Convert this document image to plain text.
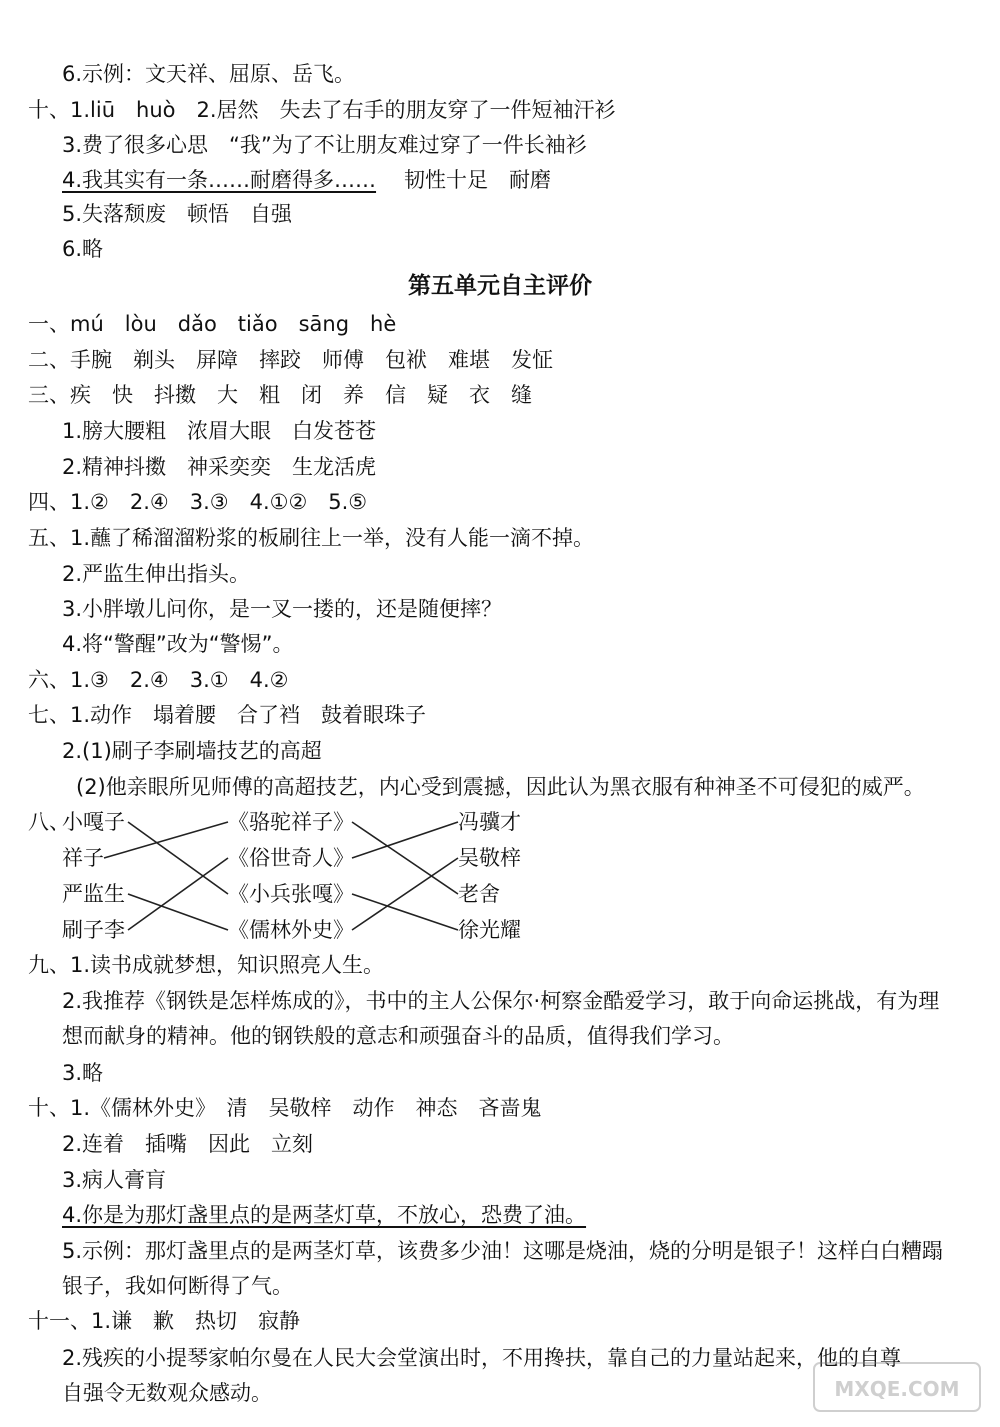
6.示例：文天祥、屈原、岳飞。
十、1.liū　huò　2.居然　失去了右手的朋友穿了一件短袖汗衫
3.费了很多心思　“我”为了不让朋友难过穿了一件长袖衫
4.我其实有一条……耐磨得多…… 韧性十足　耐磨
5.失落颓废　顿悟　自强
6.略
第五单元自主评价
一、mú　lòu　dǎo　tiǎo　sāng　hè
二、手腕　剃头　屏障　摔跤　师傅　包袱　难堪　发怔
三、疾　快　抖擞　大　粗　闭　养　信　疑　衣　缝
1.膀大腰粗　浓眉大眼　白发苍苍
2.精神抖擞　神采奕奕　生龙活虎
四、1.②　2.④　3.③　4.①②　5.⑤
五、1.蘸了稀溜溜粉浆的板刷往上一举，没有人能一滴不掉。
2.严监生伸出指头。
3.小胖墩儿问你，是一叉一搂的，还是随便摔？
4.将“警醒”改为“警惕”。
六、1.③　2.④　3.①　4.②
七、1.动作　塌着腰　合了裆　鼓着眼珠子
2.(1)刷子李刷墙技艺的高超
(2)他亲眼所见师傅的高超技艺，内心受到震撼，因此认为黑衣服有种神圣不可侵犯的威严。
八、
小嘎子
祥子
严监生
刷子李
《骆驼祥子》
《俗世奇人》
《小兵张嘎》
《儒林外史》
冯骥才
吴敬梓
老舍
徐光耀
九、1.读书成就梦想，知识照亮人生。
2.我推荐《钢铁是怎样炼成的》，书中的主人公保尔·柯察金酷爱学习，敢于向命运挑战，有为理
想而献身的精神。他的钢铁般的意志和顽强奋斗的品质，值得我们学习。
3.略
十、1.《儒林外史》　清　吴敬梓　动作　神态　吝啬鬼
2.连着　插嘴　因此　立刻
3.病人膏肓
4.你是为那灯盏里点的是两茎灯草，不放心，恐费了油。
5.示例：那灯盏里点的是两茎灯草，该费多少油！这哪是烧油，烧的分明是银子！这样白白糟蹋
银子，我如何断得了气。
十一、1.谦　歉　热切　寂静
2.残疾的小提琴家帕尔曼在人民大会堂演出时，不用搀扶，靠自己的力量站起来，他的自尊
自强令无数观众感动。	MXQE.COM
